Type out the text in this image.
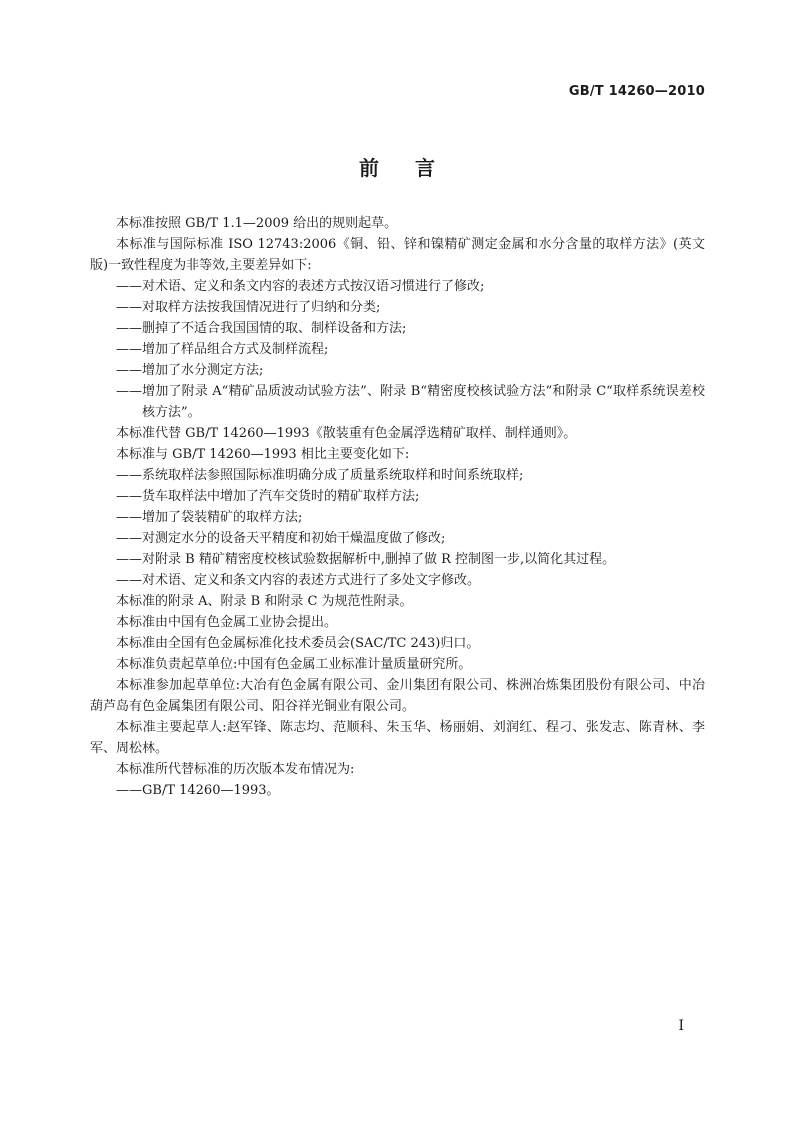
GB/T 14260—2010
前言

本标准按照 GB/T 1.1—2009 给出的规则起草。

本标准与国际标准 ISO 12743:2006《铜、铅、锌和镍精矿测定金属和水分含量的取样方法》(英文版)一致性程度为非等效,主要差异如下:

——对术语、定义和条文内容的表述方式按汉语习惯进行了修改;

——对取样方法按我国情况进行了归纳和分类;

——删掉了不适合我国国情的取、制样设备和方法;

——增加了样品组合方式及制样流程;

——增加了水分测定方法;

——增加了附录 A“精矿品质波动试验方法”、附录 B“精密度校核试验方法”和附录 C“取样系统误差校核方法”。

本标准代替 GB/T 14260—1993《散装重有色金属浮选精矿取样、制样通则》。

本标准与 GB/T 14260—1993 相比主要变化如下:

——系统取样法参照国际标准明确分成了质量系统取样和时间系统取样;

——货车取样法中增加了汽车交货时的精矿取样方法;

——增加了袋装精矿的取样方法;

——对测定水分的设备天平精度和初始干燥温度做了修改;

——对附录 B 精矿精密度校核试验数据解析中,删掉了做 R 控制图一步,以简化其过程。

——对术语、定义和条文内容的表述方式进行了多处文字修改。

本标准的附录 A、附录 B 和附录 C 为规范性附录。

本标准由中国有色金属工业协会提出。

本标准由全国有色金属标准化技术委员会(SAC/TC 243)归口。

本标准负责起草单位:中国有色金属工业标准计量质量研究所。

本标准参加起草单位:大冶有色金属有限公司、金川集团有限公司、株洲冶炼集团股份有限公司、中冶葫芦岛有色金属集团有限公司、阳谷祥光铜业有限公司。

本标准主要起草人:赵军锋、陈志均、范顺科、朱玉华、杨丽娟、刘润红、程刁、张发志、陈青林、李军、周松林。

本标准所代替标准的历次版本发布情况为:

——GB/T 14260—1993。

I
